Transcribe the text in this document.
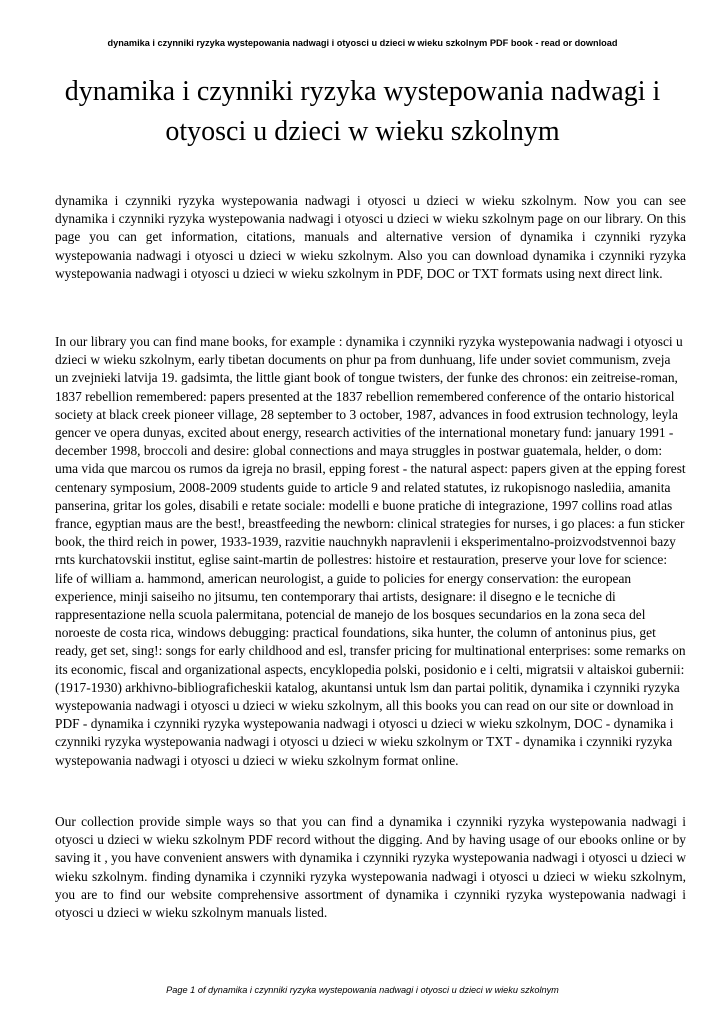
dynamika i czynniki ryzyka wystepowania nadwagi i otyosci u dzieci w wieku szkolnym PDF book - read or download
dynamika i czynniki ryzyka wystepowania nadwagi i otyosci u dzieci w wieku szkolnym

dynamika i czynniki ryzyka wystepowania nadwagi i otyosci u dzieci w wieku szkolnym. Now you can see dynamika i czynniki ryzyka wystepowania nadwagi i otyosci u dzieci w wieku szkolnym page on our library. On this page you can get information, citations, manuals and alternative version of dynamika i czynniki ryzyka wystepowania nadwagi i otyosci u dzieci w wieku szkolnym. Also you can download dynamika i czynniki ryzyka wystepowania nadwagi i otyosci u dzieci w wieku szkolnym in PDF, DOC or TXT formats using next direct link.

In our library you can find mane books, for example : dynamika i czynniki ryzyka wystepowania nadwagi i otyosci u dzieci w wieku szkolnym, early tibetan documents on phur pa from dunhuang, life under soviet communism, zveja un zvejnieki latvija 19. gadsimta, the little giant book of tongue twisters, der funke des chronos: ein zeitreise-roman, 1837 rebellion remembered: papers presented at the 1837 rebellion remembered conference of the ontario historical society at black creek pioneer village, 28 september to 3 october, 1987, advances in food extrusion technology, leyla gencer ve opera dunyas, excited about energy, research activities of the international monetary fund: january 1991 - december 1998, broccoli and desire: global connections and maya struggles in postwar guatemala, helder, o dom: uma vida que marcou os rumos da igreja no brasil, epping forest - the natural aspect: papers given at the epping forest centenary symposium, 2008-2009 students guide to article 9 and related statutes, iz rukopisnogo naslediia, amanita panserina, gritar los goles, disabili e retate sociale: modelli e buone pratiche di integrazione, 1997 collins road atlas france, egyptian maus are the best!, breastfeeding the newborn: clinical strategies for nurses, i go places: a fun sticker book, the third reich in power, 1933-1939, razvitie nauchnykh napravlenii i eksperimentalno-proizvodstvennoi bazy rnts kurchatovskii institut, eglise saint-martin de pollestres: histoire et restauration, preserve your love for science: life of william a. hammond, american neurologist, a guide to policies for energy conservation: the european experience, minji saiseiho no jitsumu, ten contemporary thai artists, designare: il disegno e le tecniche di rappresentazione nella scuola palermitana, potencial de manejo de los bosques secundarios en la zona seca del noroeste de costa rica, windows debugging: practical foundations, sika hunter, the column of antoninus pius, get ready, get set, sing!: songs for early childhood and esl, transfer pricing for multinational enterprises: some remarks on its economic, fiscal and organizational aspects, encyklopedia polski, posidonio e i celti, migratsii v altaiskoi gubernii: (1917-1930) arkhivno-bibliograficheskii katalog, akuntansi untuk lsm dan partai politik, dynamika i czynniki ryzyka wystepowania nadwagi i otyosci u dzieci w wieku szkolnym, all this books you can read on our site or download in PDF - dynamika i czynniki ryzyka wystepowania nadwagi i otyosci u dzieci w wieku szkolnym, DOC - dynamika i czynniki ryzyka wystepowania nadwagi i otyosci u dzieci w wieku szkolnym or TXT - dynamika i czynniki ryzyka wystepowania nadwagi i otyosci u dzieci w wieku szkolnym format online.

Our collection provide simple ways so that you can find a dynamika i czynniki ryzyka wystepowania nadwagi i otyosci u dzieci w wieku szkolnym PDF record without the digging. And by having usage of our ebooks online or by saving it , you have convenient answers with dynamika i czynniki ryzyka wystepowania nadwagi i otyosci u dzieci w wieku szkolnym. finding dynamika i czynniki ryzyka wystepowania nadwagi i otyosci u dzieci w wieku szkolnym, you are to find our website comprehensive assortment of dynamika i czynniki ryzyka wystepowania nadwagi i otyosci u dzieci w wieku szkolnym manuals listed.

Page 1 of dynamika i czynniki ryzyka wystepowania nadwagi i otyosci u dzieci w wieku szkolnym
